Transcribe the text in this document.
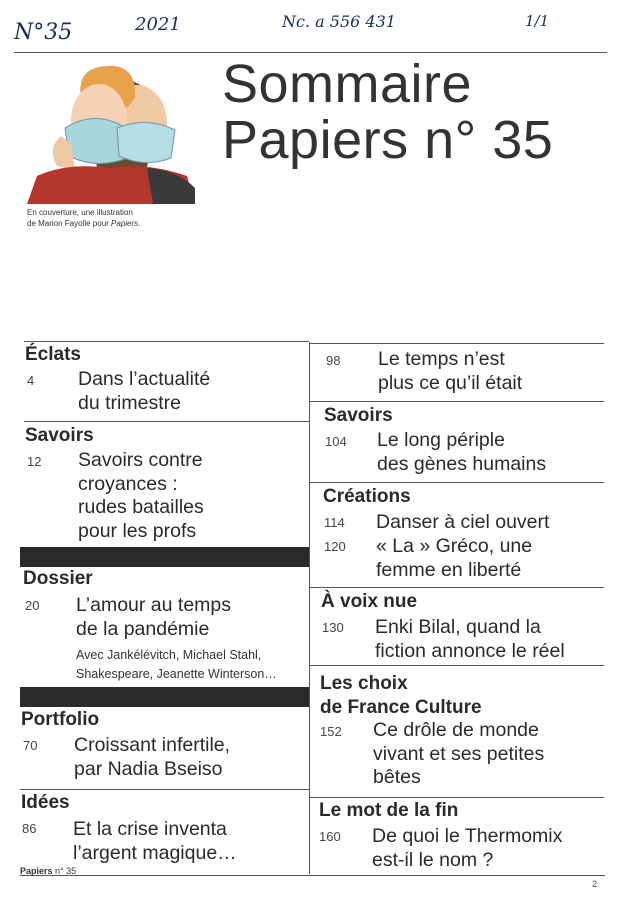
N°35	2021	Nc. a 556 431	1/1
En couverture, une illustration
de Marion Fayolle pour Papiers.
Sommaire
Papiers n° 35
Éclats
4 Dans l’actualité
du trimestre
Savoirs
12 Savoirs contre
croyances :
rudes batailles
pour les profs
Dossier
20 L’amour au temps
de la pandémie
Avec Jankélévitch, Michael Stahl,
Shakespeare, Jeanette Winterson…
Portfolio
70 Croissant infertile,
par Nadia Bseiso
Idées
86 Et la crise inventa
l’argent magique…
98 Le temps n’est
plus ce qu’il était
Savoirs
104 Le long périple
des gènes humains
Créations
114 Danser à ciel ouvert
120 « La » Gréco, une
femme en liberté
À voix nue
130 Enki Bilal, quand la
fiction annonce le réel
Les choix
de France Culture
152 Ce drôle de monde
vivant et ses petites
bêtes
Le mot de la fin
160 De quoi le Thermomix
est-il le nom ?
Papiers n° 35
2
